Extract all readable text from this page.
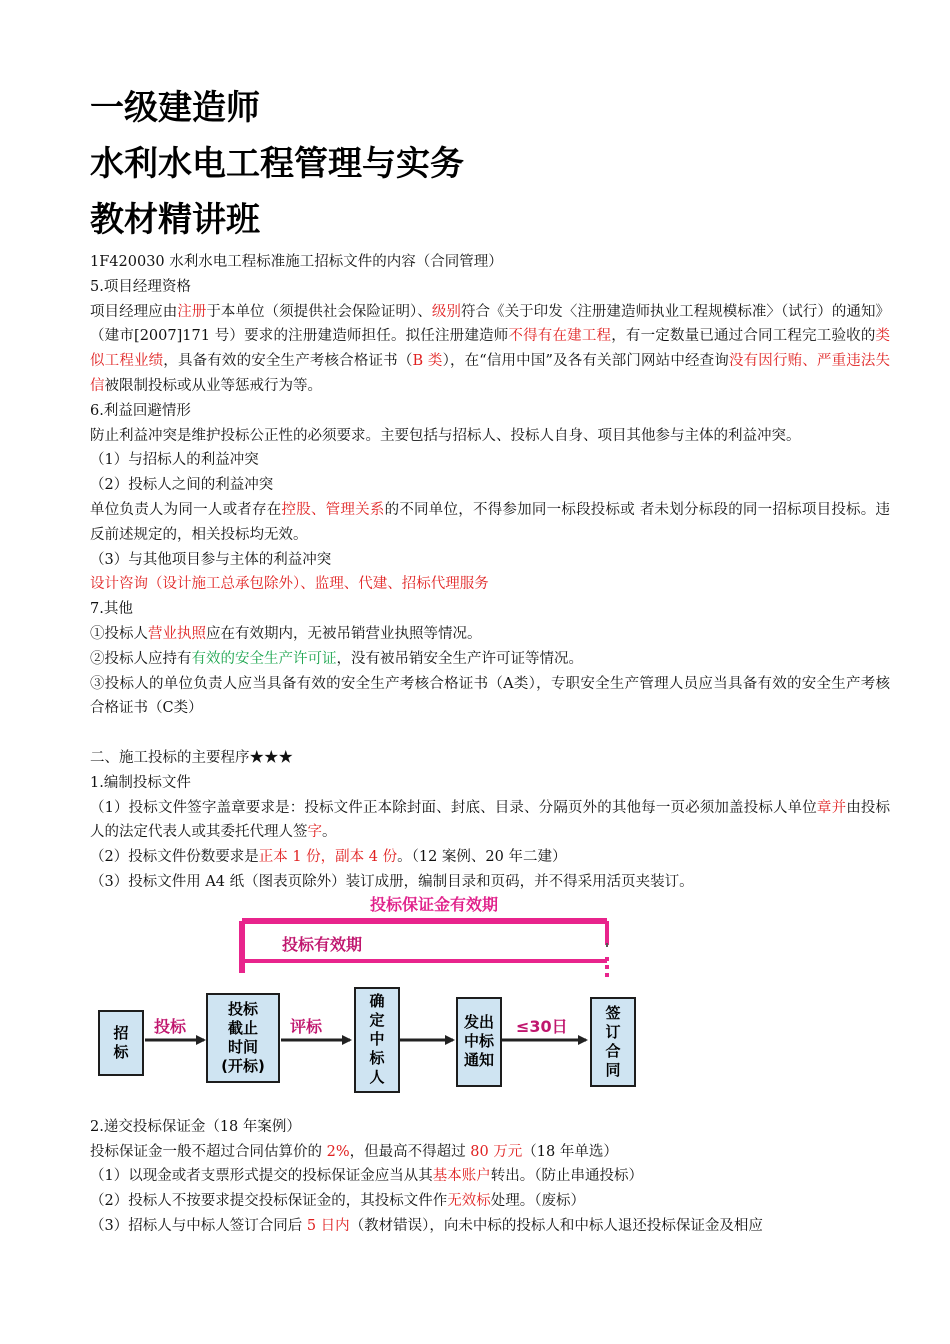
一级建造师
水利水电工程管理与实务
教材精讲班

1F420030 水利水电工程标准施工招标文件的内容（合同管理）

5.项目经理资格

项目经理应由注册于本单位（须提供社会保险证明）、级别符合《关于印发〈注册建造师执业工程规模标准〉（试行）的通知》（建市[2007]171 号）要求的注册建造师担任。拟任注册建造师不得有在建工程，有一定数量已通过合同工程完工验收的类似工程业绩，具备有效的安全生产考核合格证书（B 类），在“信用中国”及各有关部门网站中经查询没有因行贿、严重违法失信被限制投标或从业等惩戒行为等。

6.利益回避情形

防止利益冲突是维护投标公正性的必须要求。主要包括与招标人、投标人自身、项目其他参与主体的利益冲突。

（1）与招标人的利益冲突

（2）投标人之间的利益冲突

单位负责人为同一人或者存在控股、管理关系的不同单位，不得参加同一标段投标或 者未划分标段的同一招标项目投标。违反前述规定的，相关投标均无效。

（3）与其他项目参与主体的利益冲突

设计咨询（设计施工总承包除外）、监理、代建、招标代理服务

7.其他

①投标人营业执照应在有效期内，无被吊销营业执照等情况。

②投标人应持有有效的安全生产许可证，没有被吊销安全生产许可证等情况。

③投标人的单位负责人应当具备有效的安全生产考核合格证书（A类），专职安全生产管理人员应当具备有效的安全生产考核合格证书（C类）

二、施工投标的主要程序★★★

1.编制投标文件

（1）投标文件签字盖章要求是：投标文件正本除封面、封底、目录、分隔页外的其他每一页必须加盖投标人单位章并由投标人的法定代表人或其委托代理人签字。

（2）投标文件份数要求是正本 1 份，副本 4 份。（12 案例、20 年二建）

（3）投标文件用 A4 纸（图表页除外）装订成册，编制目录和页码，并不得采用活页夹装订。

投标保证金有效期
投标有效期
投标	评标	≤30日
招
标
投标
截止
时间
(开标)
确
定
中
标
人
发出
中标
通知
签
订
合
同

2.递交投标保证金（18 年案例）

投标保证金一般不超过合同估算价的 2%，但最高不得超过 80 万元（18 年单选）

（1）以现金或者支票形式提交的投标保证金应当从其基本账户转出。（防止串通投标）

（2）投标人不按要求提交投标保证金的，其投标文件作无效标处理。（废标）

（3）招标人与中标人签订合同后 5 日内（教材错误），向未中标的投标人和中标人退还投标保证金及相应
